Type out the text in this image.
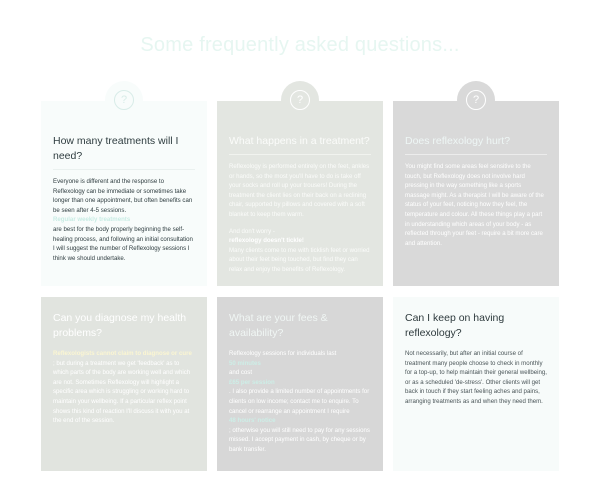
Some frequently asked questions...
?
How many treatments will I need?

Everyone is different and the response to Reflexology can be immediate or sometimes take longer than one appointment, but often benefits can be seen after 4-5 sessions.

Regular weekly treatments

are best for the body properly beginning the self-healing process, and following an initial consultation I will suggest the number of Reflexology sessions I think we should undertake.

?
What happens in a treatment?

Reflexology is performed entirely on the feet, ankles or hands, so the most you'll have to do is take off your socks and roll up your trousers! During the treatment the client lies on their back on a reclining chair, supported by pillows and covered with a soft blanket to keep them warm.

And don't worry -

reflexology doesn't tickle!

Many clients come to me with ticklish feet or worried about their feet being touched, but find they can relax and enjoy the benefits of Reflexology.

?
Does reflexology hurt?

You might find some areas feel sensitive to the touch, but Reflexology does not involve hard pressing in the way something like a sports massage might. As a therapist I will be aware of the status of your feet, noticing how they feel, the temperature and colour. All these things play a part in understanding which areas of your body - as reflected through your feet - require a bit more care and attention.

Can you diagnose my health problems?

Reflexologists cannot claim to diagnose or cure

; but during a treatment we get 'feedback' as to which parts of the body are working well and which are not. Sometimes Reflexology will highlight a specific area which is struggling or working hard to maintain your wellbeing. If a particular reflex point shows this kind of reaction I'll discuss it with you at the end of the session.

What are your fees & availability?

Reflexology sessions for individuals last

50 minutes

and cost

£65 per session

. I also provide a limited number of appointments for clients on low income; contact me to enquire. To cancel or rearrange an appointment I require

48 hours' notice

; otherwise you will still need to pay for any sessions missed. I accept payment in cash, by cheque or by bank transfer.

Can I keep on having reflexology?

Not necessarily, but after an initial course of treatment many people choose to check in monthly for a top-up, to help maintain their general wellbeing, or as a scheduled 'de-stress'. Other clients will get back in touch if they start feeling aches and pains, arranging treatments as and when they need them.
